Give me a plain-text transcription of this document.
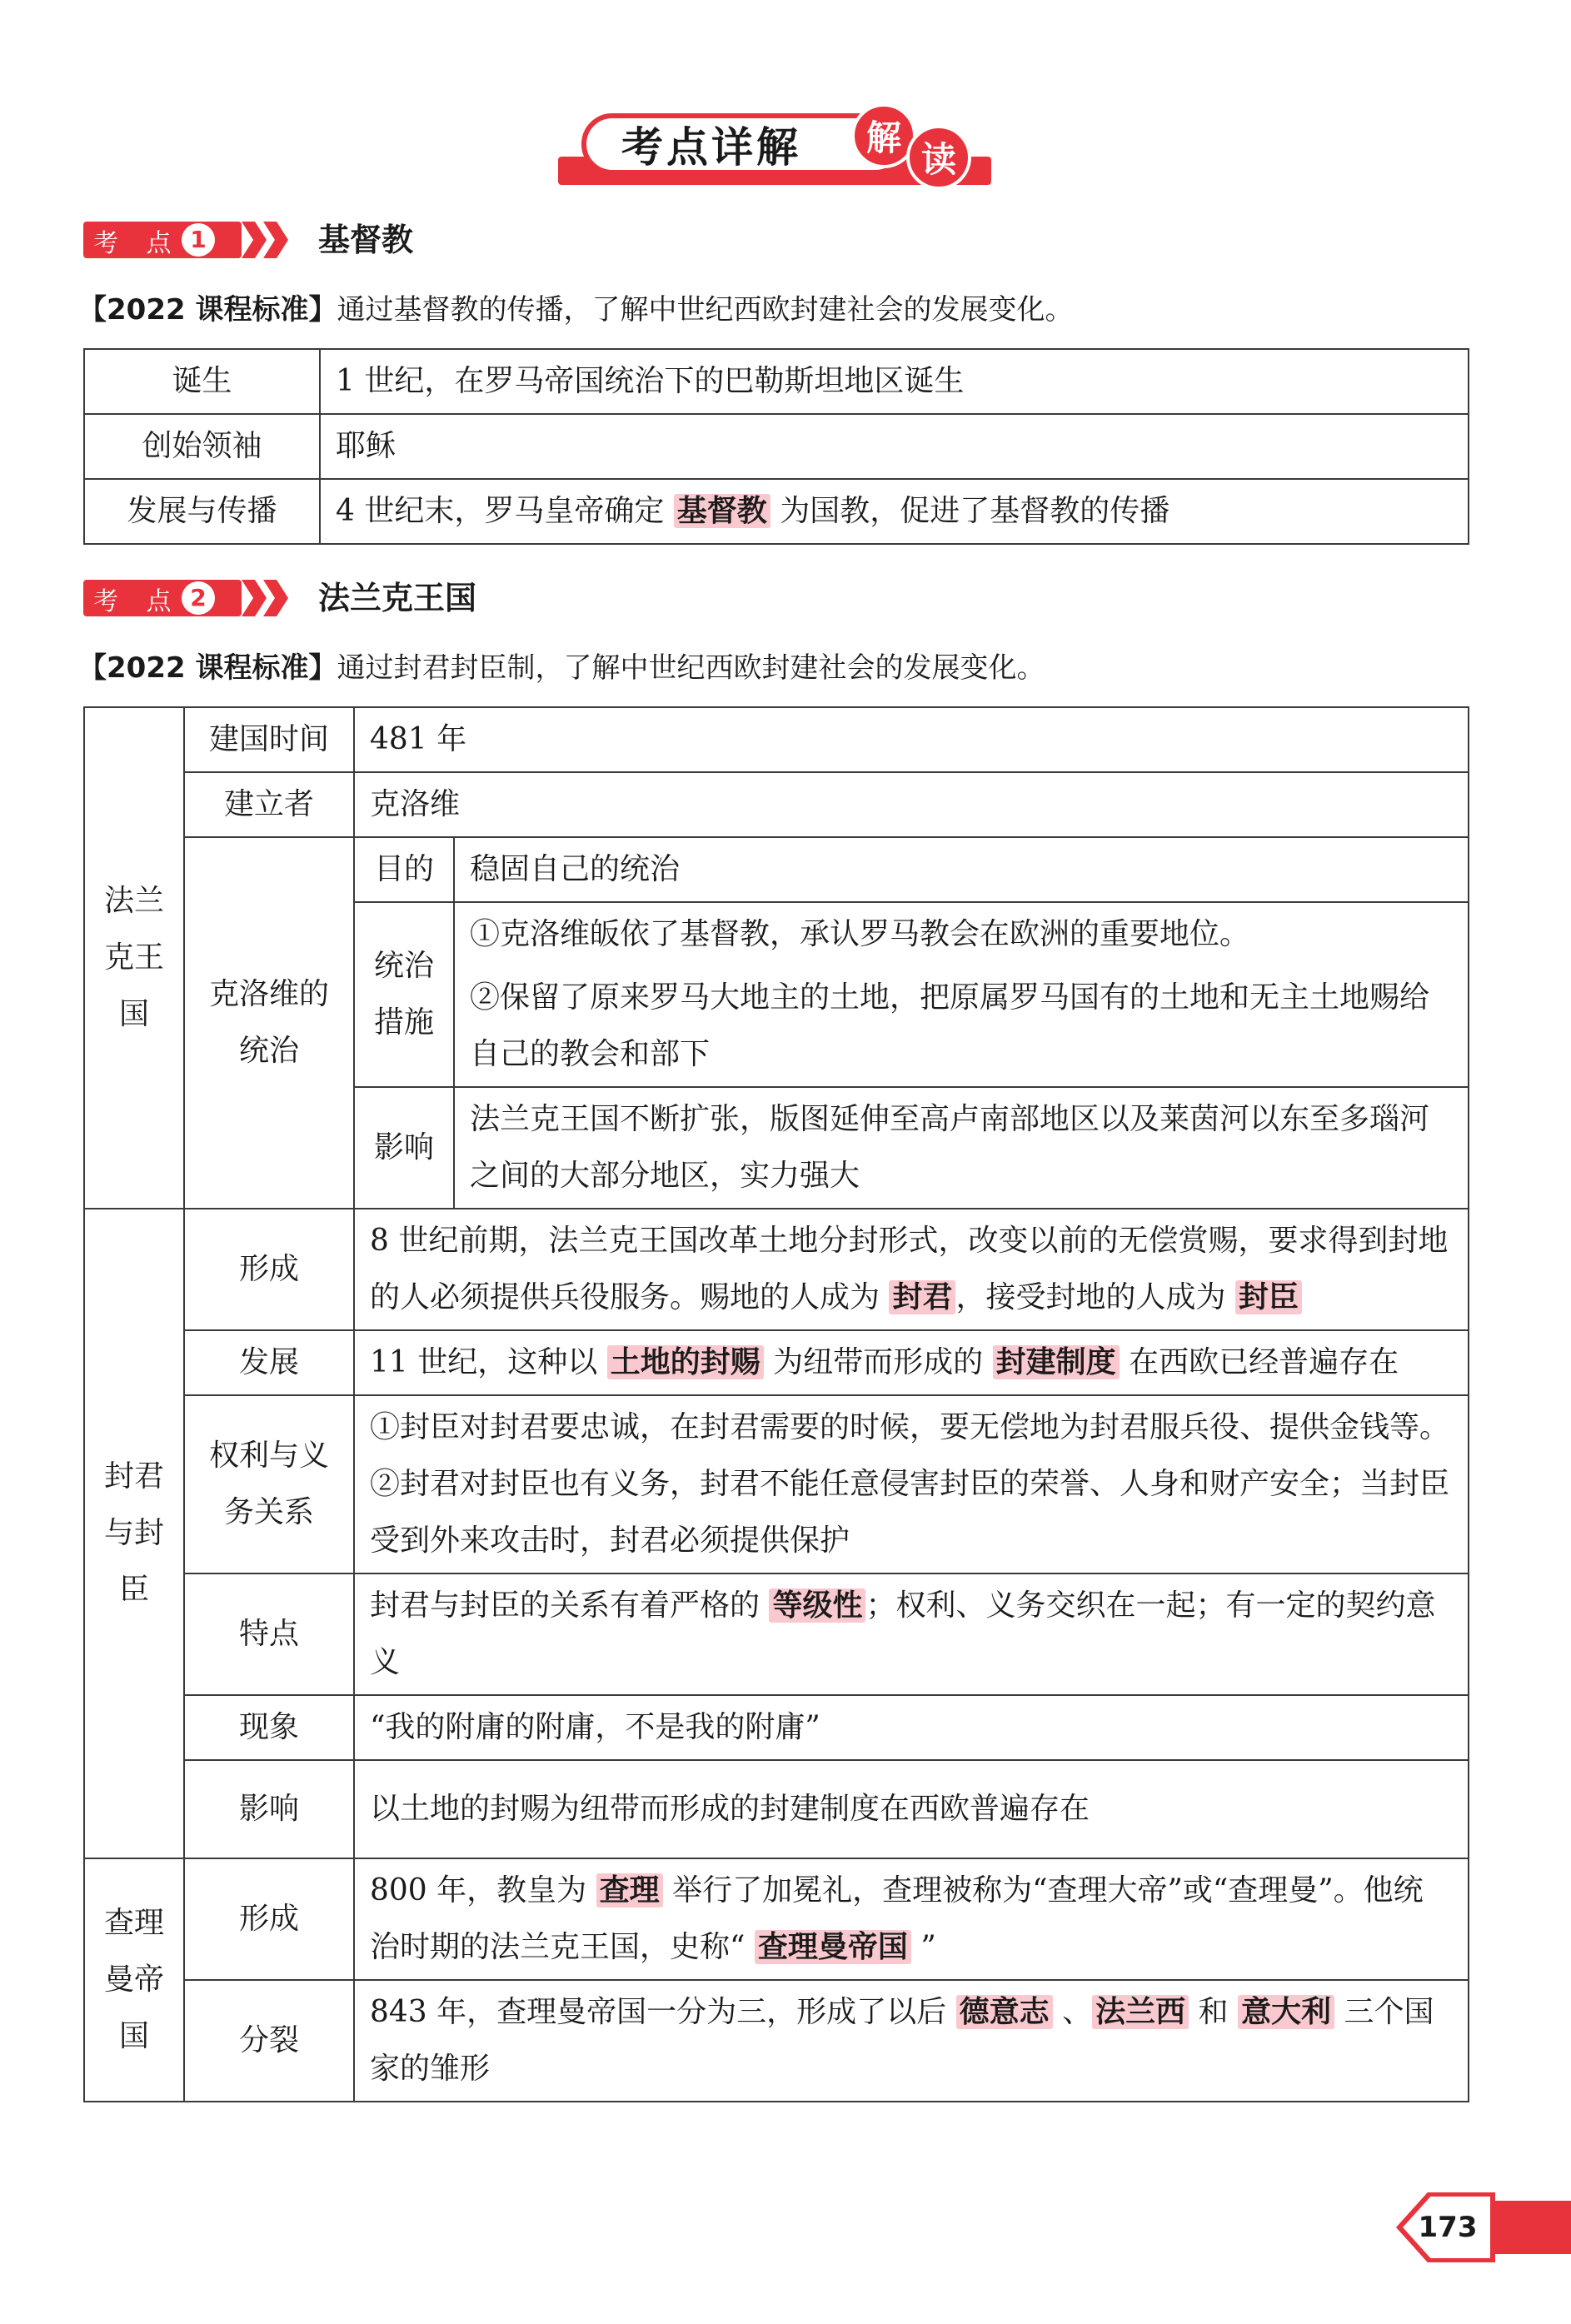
考点详解	解
读
考 点 1	基督教
【2022 课程标准】通过基督教的传播，了解中世纪西欧封建社会的发展变化。
诞生	1 世纪，在罗马帝国统治下的巴勒斯坦地区诞生
创始领袖	耶稣
发展与传播	4 世纪末，罗马皇帝确定 基督教 为国教，促进了基督教的传播
考 点 2	法兰克王国
【2022 课程标准】通过封君封臣制，了解中世纪西欧封建社会的发展变化。
法兰克王国	建国时间	481 年	
	建立者	克洛维	
	克洛维的统治	目的	稳固自己的统治
		统治措施	①克洛维皈依了基督教，承认罗马教会在欧洲的重要地位。
			②保留了原来罗马大地主的土地，把原属罗马国有的土地和无主土地赐给自己的教会和部下
		影响	法兰克王国不断扩张，版图延伸至高卢南部地区以及莱茵河以东至多瑙河之间的大部分地区，实力强大
封君与封臣	形成	8 世纪前期，法兰克王国改革土地分封形式，改变以前的无偿赏赐，要求得到封地的人必须提供兵役服务。赐地的人成为 封君 ，接受封地的人成为 封臣	
	发展	11 世纪，这种以 土地的封赐 为纽带而形成的 封建制度 在西欧已经普遍存在	
	权利与义务关系	①封臣对封君要忠诚，在封君需要的时候，要无偿地为封君服兵役、提供金钱等。
②封君对封臣也有义务，封君不能任意侵害封臣的荣誉、人身和财产安全；当封臣受到外来攻击时，封君必须提供保护	

	特点	封君与封臣的关系有着严格的 等级性 ；权利、义务交织在一起；有一定的契约意义	
	现象	“我的附庸的附庸，不是我的附庸”	
	影响	以土地的封赐为纽带而形成的封建制度在西欧普遍存在	
查理曼帝国	形成	800 年，教皇为 查理 举行了加冕礼，查理被称为“查理大帝”或“查理曼”。他统治时期的法兰克王国，史称“ 查理曼帝国 ”	
	分裂	843 年，查理曼帝国一分为三，形成了以后 德意志 、 法兰西 和 意大利 三个国家的雏形	
173
